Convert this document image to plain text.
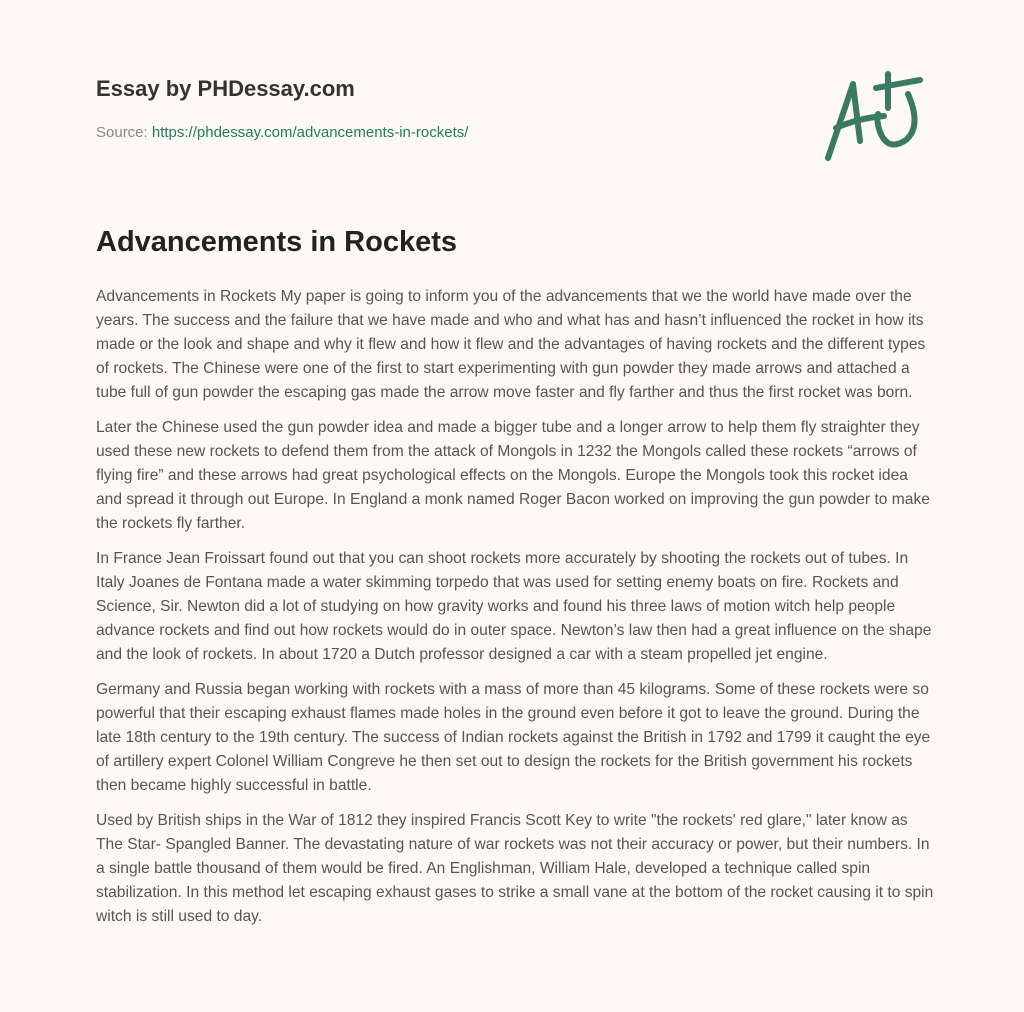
Essay by PHDessay.com
Source: https://phdessay.com/advancements-in-rockets/
Advancements in Rockets

Advancements in Rockets My paper is going to inform you of the advancements that we the world have made over the years. The success and the failure that we have made and who and what has and hasn’t influenced the rocket in how its made or the look and shape and why it flew and how it flew and the advantages of having rockets and the different types of rockets. The Chinese were one of the first to start experimenting with gun powder they made arrows and attached a tube full of gun powder the escaping gas made the arrow move faster and fly farther and thus the first rocket was born.

Later the Chinese used the gun powder idea and made a bigger tube and a longer arrow to help them fly straighter they used these new rockets to defend them from the attack of Mongols in 1232 the Mongols called these rockets “arrows of flying fire” and these arrows had great psychological effects on the Mongols. Europe the Mongols took this rocket idea and spread it through out Europe. In England a monk named Roger Bacon worked on improving the gun powder to make the rockets fly farther.

In France Jean Froissart found out that you can shoot rockets more accurately by shooting the rockets out of tubes. In Italy Joanes de Fontana made a water skimming torpedo that was used for setting enemy boats on fire. Rockets and Science, Sir. Newton did a lot of studying on how gravity works and found his three laws of motion witch help people advance rockets and find out how rockets would do in outer space. Newton’s law then had a great influence on the shape and the look of rockets. In about 1720 a Dutch professor designed a car with a steam propelled jet engine.

Germany and Russia began working with rockets with a mass of more than 45 kilograms. Some of these rockets were so powerful that their escaping exhaust flames made holes in the ground even before it got to leave the ground. During the late 18th century to the 19th century. The success of Indian rockets against the British in 1792 and 1799 it caught the eye of artillery expert Colonel William Congreve he then set out to design the rockets for the British government his rockets then became highly successful in battle.

Used by British ships in the War of 1812 they inspired Francis Scott Key to write "the rockets' red glare," later know as The Star- Spangled Banner. The devastating nature of war rockets was not their accuracy or power, but their numbers. In a single battle thousand of them would be fired. An Englishman, William Hale, developed a technique called spin stabilization. In this method let escaping exhaust gases to strike a small vane at the bottom of the rocket causing it to spin witch is still used to day.
